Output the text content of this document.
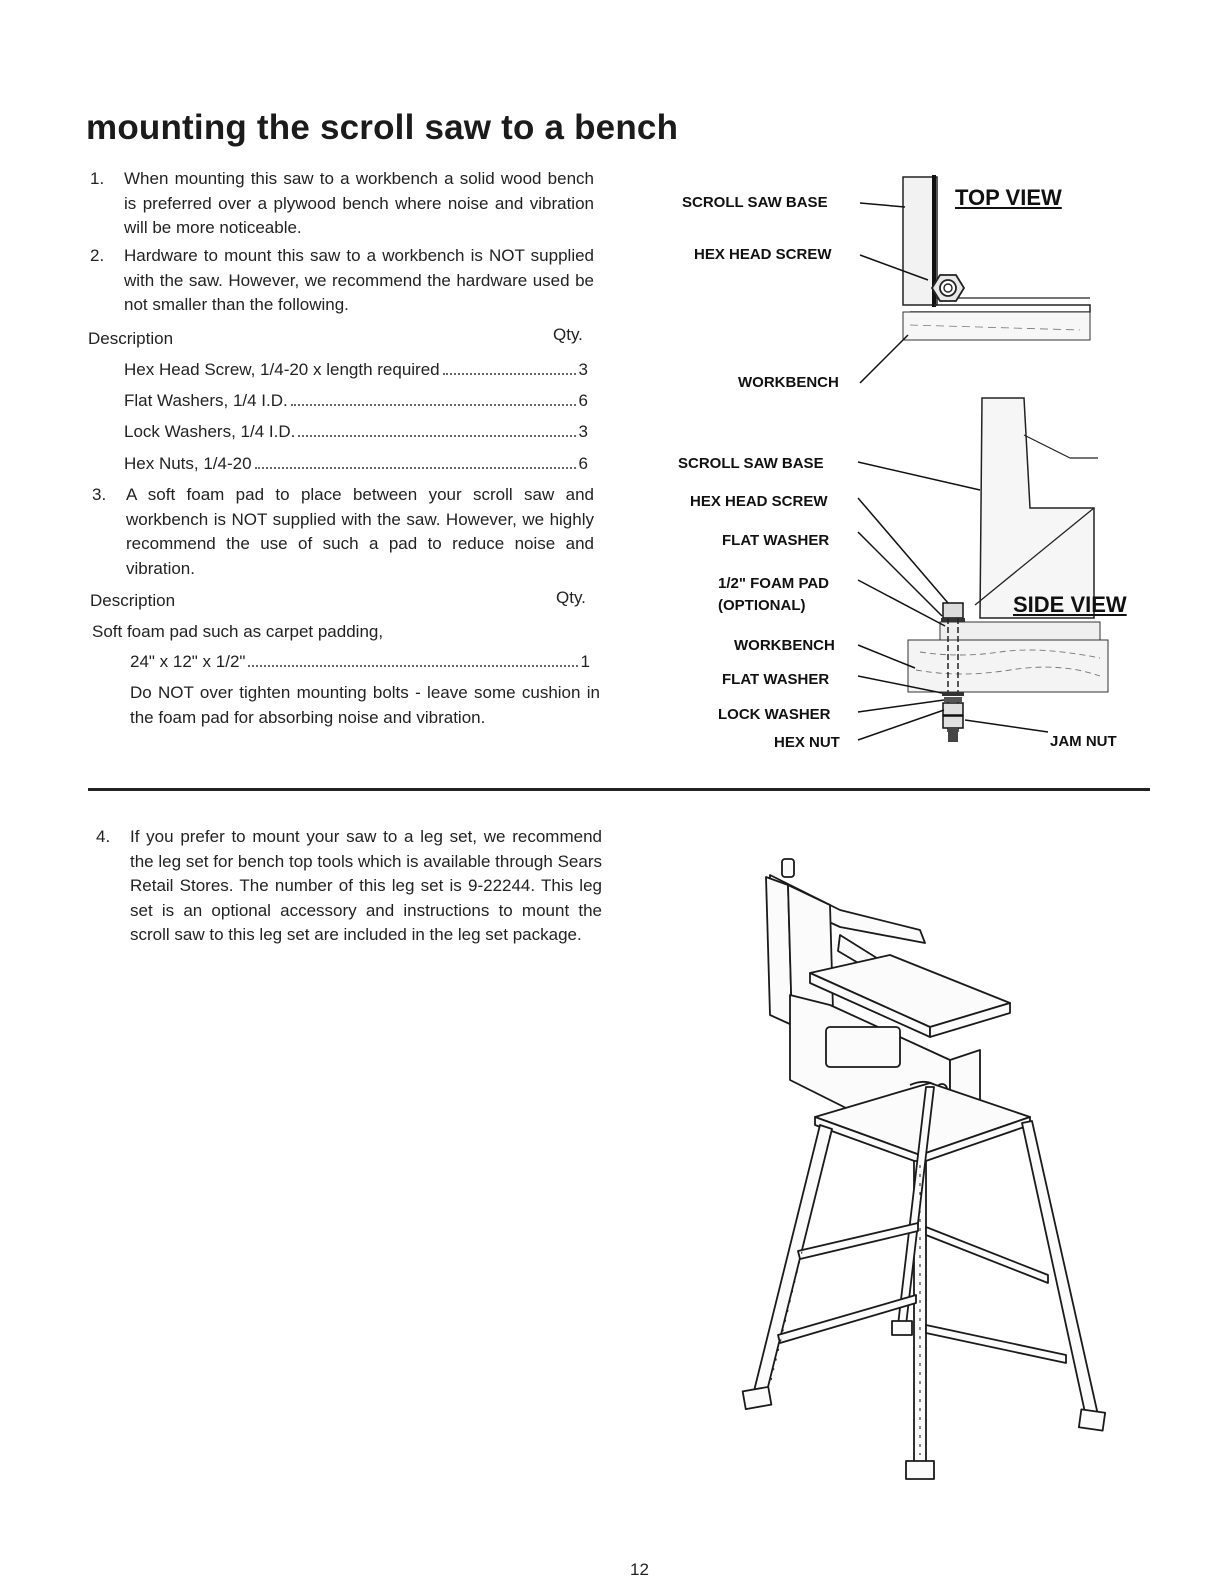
mounting the scroll saw to a bench
1. When mounting this saw to a workbench a solid wood bench is preferred over a plywood bench where noise and vibration will be more noticeable.
2. Hardware to mount this saw to a workbench is NOT supplied with the saw. However, we recommend the hardware used be not smaller than the following.
Description	Qty.
Hex Head Screw, 1/4-20 x length required	3
Flat Washers, 1/4 I.D.	6
Lock Washers, 1/4 I.D.	3
Hex Nuts, 1/4-20	6
3. A soft foam pad to place between your scroll saw and workbench is NOT supplied with the saw. However, we highly recommend the use of such a pad to reduce noise and vibration.
Description	Qty.
Soft foam pad such as carpet padding,
24" x 12" x 1/2"	1
Do NOT over tighten mounting bolts - leave some cushion in the foam pad for absorbing noise and vibration.
4. If you prefer to mount your saw to a leg set, we recommend the leg set for bench top tools which is available through Sears Retail Stores. The number of this leg set is 9-22244. This leg set is an optional accessory and instructions to mount the scroll saw to this leg set are included in the leg set package.
SCROLL SAW BASE
HEX HEAD SCREW
WORKBENCH
TOP VIEW
SCROLL SAW BASE
HEX HEAD SCREW
FLAT WASHER
1/2" FOAM PAD
(OPTIONAL)
WORKBENCH
FLAT WASHER
LOCK WASHER
HEX NUT	JAM NUT
SIDE VIEW
12
